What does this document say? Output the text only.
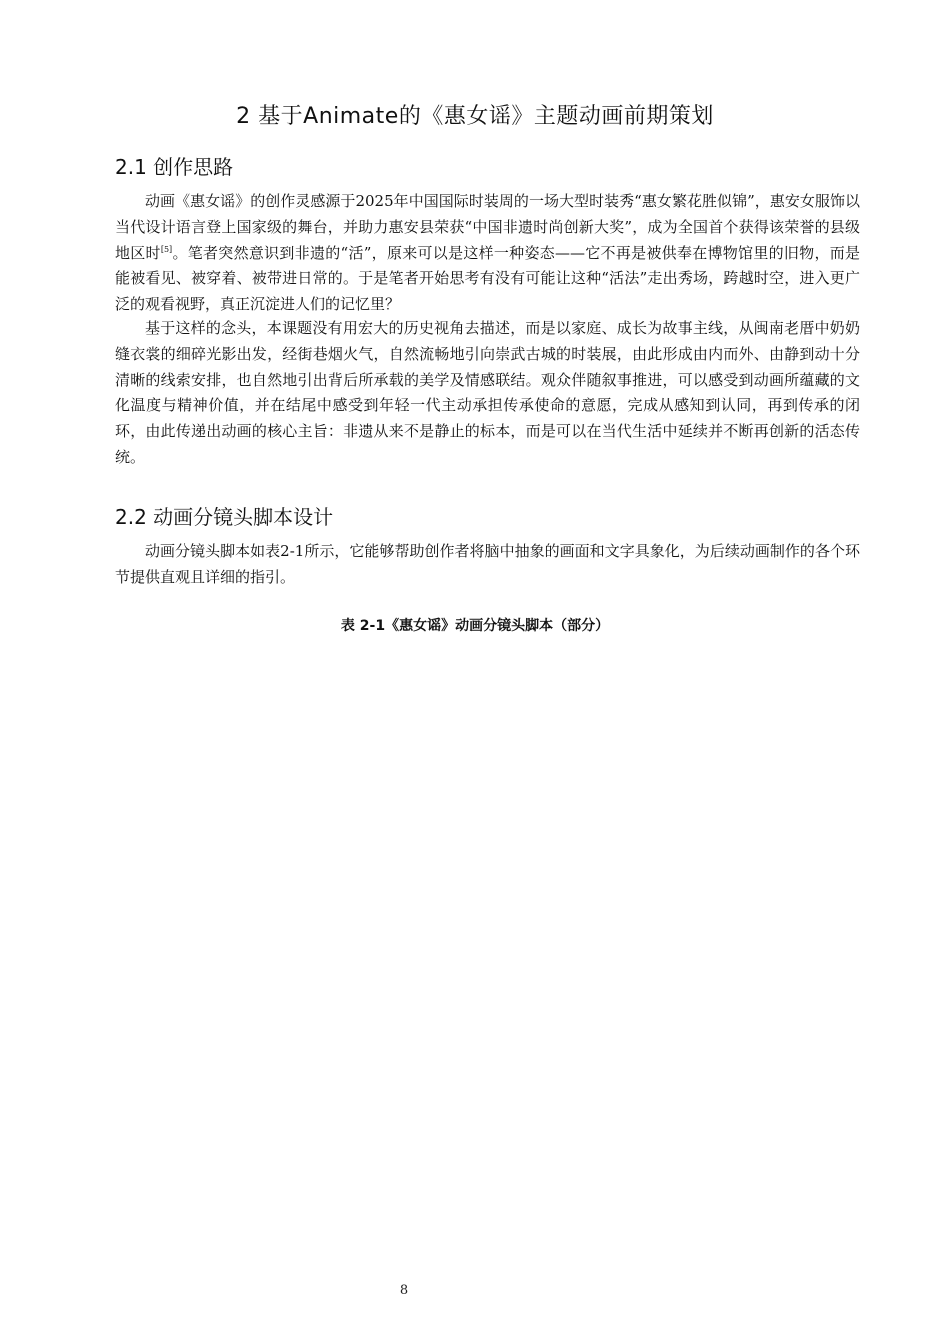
2 基于Animate的《惠女谣》主题动画前期策划
2.1 创作思路

动画《惠女谣》的创作灵感源于2025年中国国际时装周的一场大型时装秀“惠女繁花胜似锦”，惠安女服饰以当代设计语言登上国家级的舞台，并助力惠安县荣获“中国非遗时尚创新大奖”，成为全国首个获得该荣誉的县级地区时[5]。笔者突然意识到非遗的“活”，原来可以是这样一种姿态——它不再是被供奉在博物馆里的旧物，而是能被看见、被穿着、被带进日常的。于是笔者开始思考有没有可能让这种“活法”走出秀场，跨越时空，进入更广泛的观看视野，真正沉淀进人们的记忆里？

基于这样的念头，本课题没有用宏大的历史视角去描述，而是以家庭、成长为故事主线，从闽南老厝中奶奶缝衣裳的细碎光影出发，经街巷烟火气，自然流畅地引向崇武古城的时装展，由此形成由内而外、由静到动十分清晰的线索安排，也自然地引出背后所承载的美学及情感联结。观众伴随叙事推进，可以感受到动画所蕴藏的文化温度与精神价值，并在结尾中感受到年轻一代主动承担传承使命的意愿，完成从感知到认同，再到传承的闭环，由此传递出动画的核心主旨：非遗从来不是静止的标本，而是可以在当代生活中延续并不断再创新的活态传统。

2.2 动画分镜头脚本设计

动画分镜头脚本如表2-1所示，它能够帮助创作者将脑中抽象的画面和文字具象化，为后续动画制作的各个环节提供直观且详细的指引。

表 2-1《惠女谣》动画分镜头脚本（部分）

8
